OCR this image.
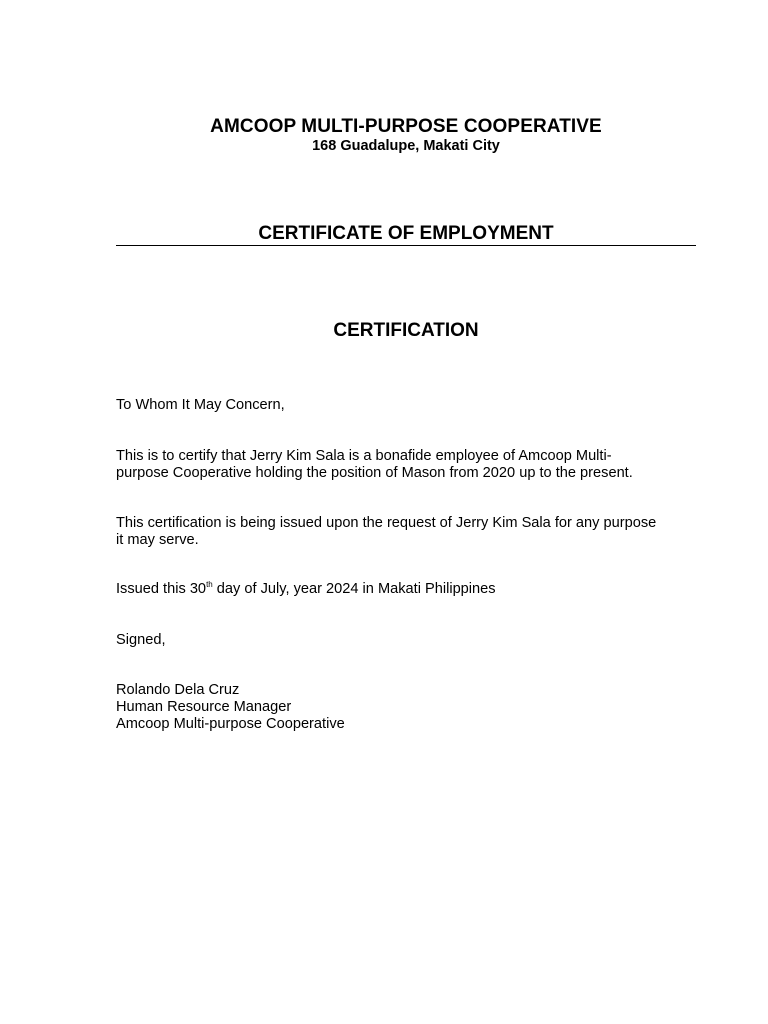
AMCOOP MULTI-PURPOSE COOPERATIVE
168 Guadalupe, Makati City
CERTIFICATE OF EMPLOYMENT
CERTIFICATION
To Whom It May Concern,
This is to certify that Jerry Kim Sala is a bonafide employee of Amcoop Multi-
purpose Cooperative holding the position of Mason from 2020 up to the present.
This certification is being issued upon the request of Jerry Kim Sala for any purpose
it may serve.
Issued this 30th day of July, year 2024 in Makati Philippines
Signed,
Rolando Dela Cruz
Human Resource Manager
Amcoop Multi-purpose Cooperative
